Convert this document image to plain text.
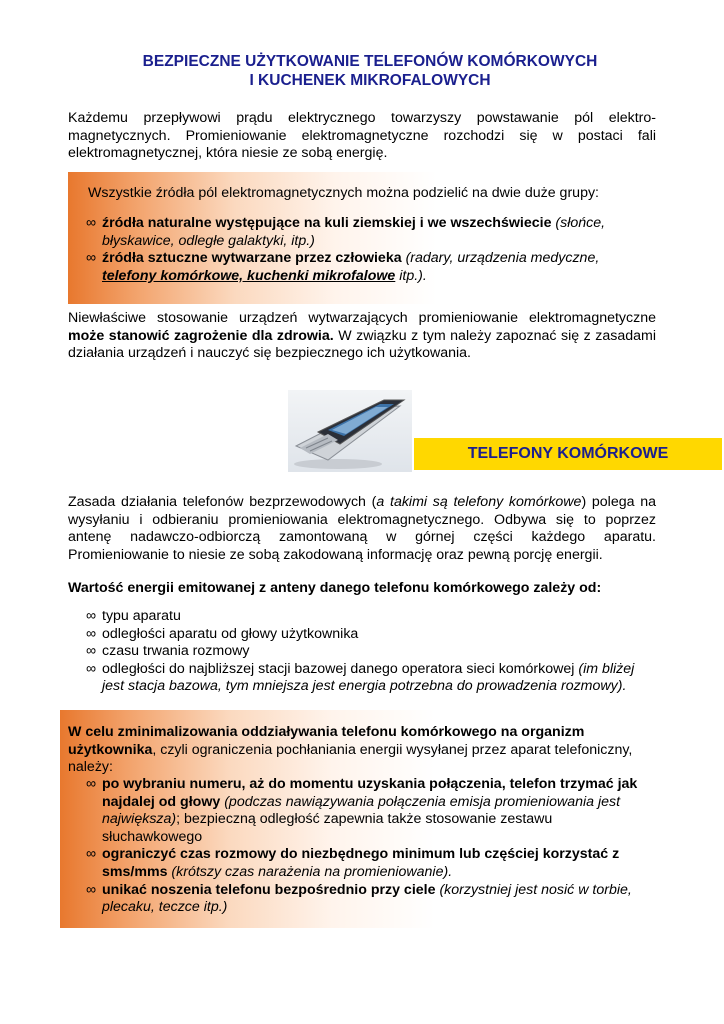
BEZPIECZNE UŻYTKOWANIE TELEFONÓW KOMÓRKOWYCH
I KUCHENEK MIKROFALOWYCH

Każdemu przepływowi prądu elektrycznego towarzyszy powstawanie pól elektro-magnetycznych. Promieniowanie elektromagnetyczne rozchodzi się w postaci fali elektromagnetycznej, która niesie ze sobą energię.

Wszystkie źródła pól elektromagnetycznych można podzielić na dwie duże grupy:

∞ źródła naturalne występujące na kuli ziemskiej i we wszechświecie (słońce, błyskawice, odległe galaktyki, itp.)
∞ źródła sztuczne wytwarzane przez człowieka (radary, urządzenia medyczne, telefony komórkowe, kuchenki mikrofalowe itp.).

Niewłaściwe stosowanie urządzeń wytwarzających promieniowanie elektromagnetyczne może stanowić zagrożenie dla zdrowia. W związku z tym należy zapoznać się z zasadami działania urządzeń i nauczyć się bezpiecznego ich użytkowania.

TELEFONY KOMÓRKOWE

Zasada działania telefonów bezprzewodowych (a takimi są telefony komórkowe) polega na wysyłaniu i odbieraniu promieniowania elektromagnetycznego. Odbywa się to poprzez antenę nadawczo-odbiorczą zamontowaną w górnej części każdego aparatu. Promieniowanie to niesie ze sobą zakodowaną informację oraz pewną porcję energii.

Wartość energii emitowanej z anteny danego telefonu komórkowego zależy od:

∞ typu aparatu
∞ odległości aparatu od głowy użytkownika
∞ czasu trwania rozmowy
∞ odległości do najbliższej stacji bazowej danego operatora sieci komórkowej (im bliżej jest stacja bazowa, tym mniejsza jest energia potrzebna do prowadzenia rozmowy).

W celu zminimalizowania oddziaływania telefonu komórkowego na organizm użytkownika, czyli ograniczenia pochłaniania energii wysyłanej przez aparat telefoniczny, należy:

∞ po wybraniu numeru, aż do momentu uzyskania połączenia, telefon trzymać jak najdalej od głowy (podczas nawiązywania połączenia emisja promieniowania jest największa); bezpieczną odległość zapewnia także stosowanie zestawu słuchawkowego
∞ ograniczyć czas rozmowy do niezbędnego minimum lub częściej korzystać z sms/mms (krótszy czas narażenia na promieniowanie).
∞ unikać noszenia telefonu bezpośrednio przy ciele (korzystniej jest nosić w torbie, plecaku, teczce itp.)
